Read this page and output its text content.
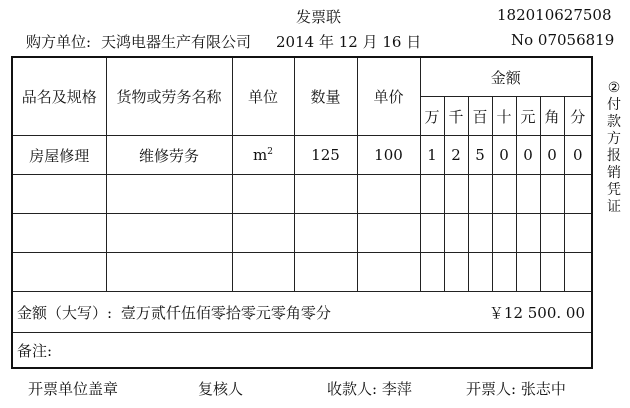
发票联	182010627508
购方单位: 天鸿电器生产有限公司 2014 年 12 月 16 日	No 07056819
品名及规格	货物或劳务名称	单位	数量	单价	金额						
					万	千	百	十	元	角	分
房屋修理	维修劳务	$m^2$	125	100	1	2	5	0	0	0	0

金额（大写）: 壹万贰仟伍佰零拾零元零角零分 ￥12 500. 00											

备注:											
②
付
款
方
报
销
凭
证
开票单位盖章	复核人	收款人: 李萍	开票人: 张志中
